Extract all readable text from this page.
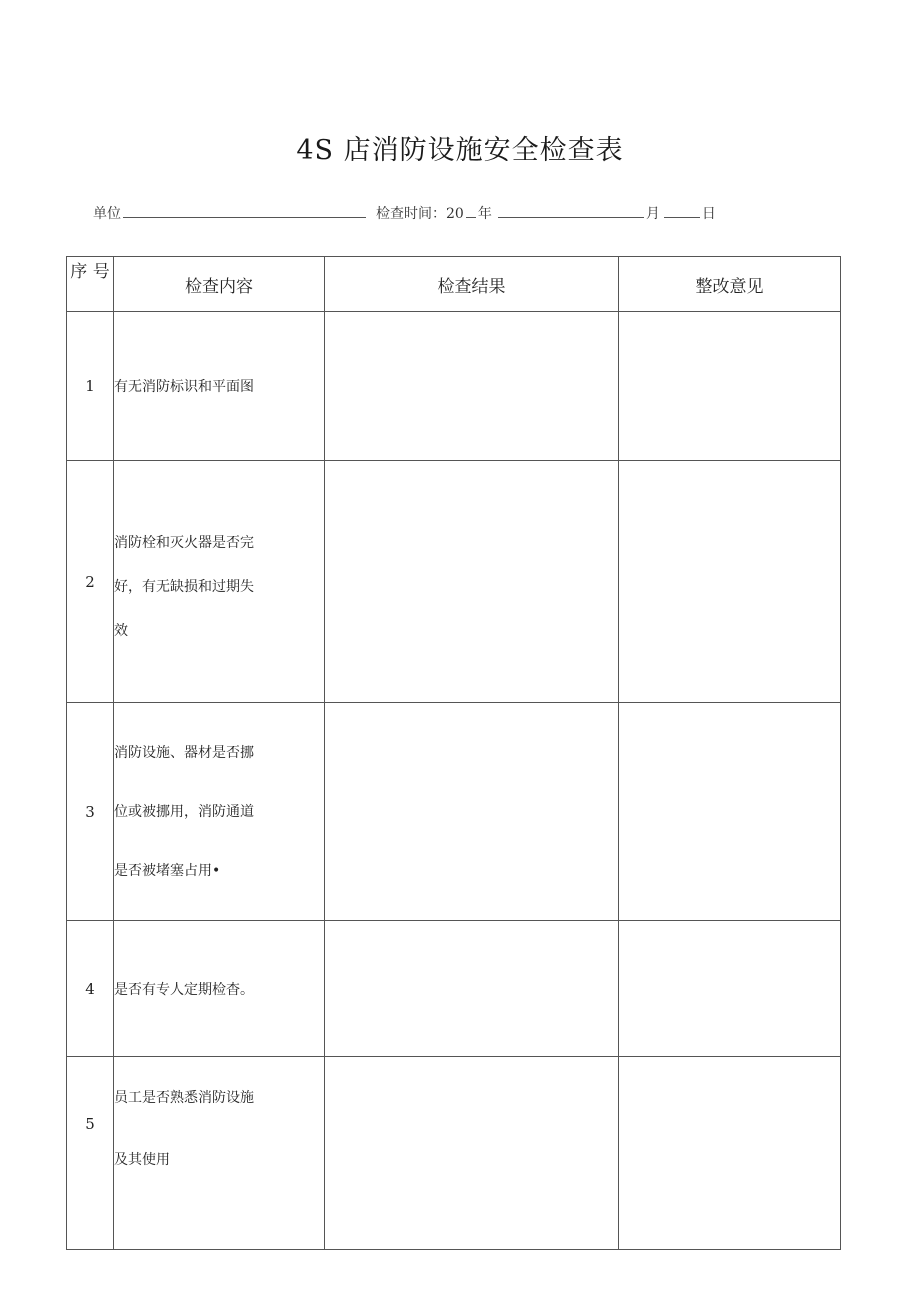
4S 店消防设施安全检查表
单位	检查时间：20 年	月	日
序 号	检查内容	检查结果	整改意见
1	有无消防标识和平面图		

2	消防栓和灭火器是否完
好，有无缺损和过期失
效		

3	消防设施、器材是否挪
位或被挪用，消防通道
是否被堵塞占用•		

4	是否有专人定期检杳。		

5	员工是否熟悉消防设施
及其使用		
